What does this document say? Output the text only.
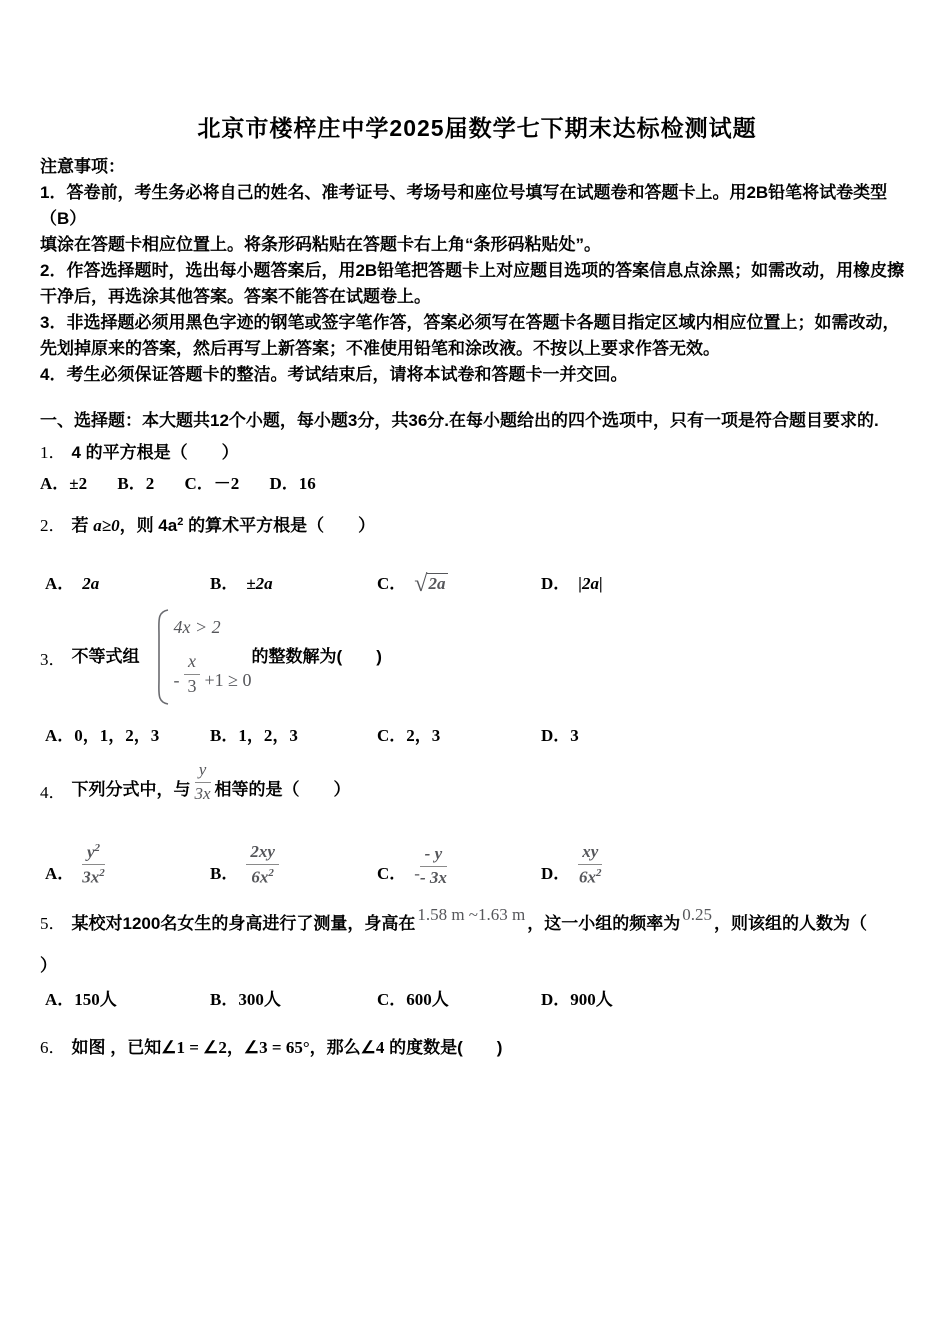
北京市楼梓庄中学2025届数学七下期末达标检测试题
注意事项：
1．答卷前，考生务必将自己的姓名、准考证号、考场号和座位号填写在试题卷和答题卡上。用2B铅笔将试卷类型（B）
填涂在答题卡相应位置上。将条形码粘贴在答题卡右上角“条形码粘贴处”。
2．作答选择题时，选出每小题答案后，用2B铅笔把答题卡上对应题目选项的答案信息点涂黑；如需改动，用橡皮擦
干净后，再选涂其他答案。答案不能答在试题卷上。
3．非选择题必须用黑色字迹的钢笔或签字笔作答，答案必须写在答题卡各题目指定区域内相应位置上；如需改动，
先划掉原来的答案，然后再写上新答案；不准使用铅笔和涂改液。不按以上要求作答无效。
4．考生必须保证答题卡的整洁。考试结束后，请将本试卷和答题卡一并交回。
一、选择题：本大题共12个小题，每小题3分，共36分.在每小题给出的四个选项中，只有一项是符合题目要求的.
1． 4 的平方根是（　　）
A．±2 B．2 C．－2 D．16
2． 若 a≥0，则 $4a^2$ 的算术平方根是（　　）
A． 2a	B． ±2a	C． √2a	D． |2a|
3． 不等式组
4x > 2
- $\frac{x}{3} +1 \ge 0$
的整数解为(　　)
A．0，1，2，3	B．1，2，3	C．2，3	D．3
4． 下列分式中，与 $\frac{y}{3x}$ 相等的是（　　）
A． $\frac{y^2}{3x^2}$	B． $\frac{2xy}{6x^2}$	C． - $\frac{- y}{- 3x}$	D． $\frac{xy}{6x^2}$
5． 某校对1200名女生的身高进行了测量，身高在 1.58 m ~1.63 m ，这一小组的频率为 0.25 ，则该组的人数为（
）
A．150人	B．300人	C．600人	D．900人
6． 如图 ，已知∠1 = ∠2，∠3 = 65°，那么∠4 的度数是(　　)
